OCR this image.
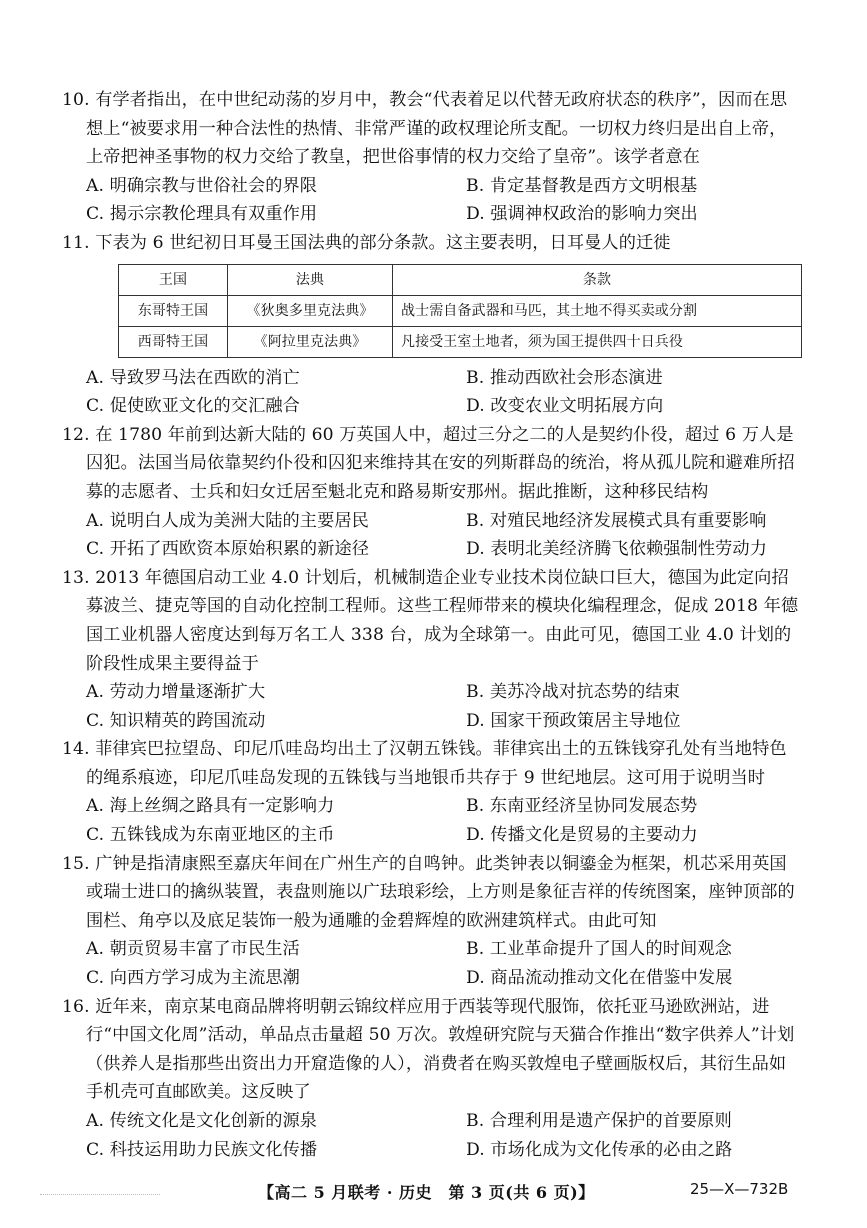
10. 有学者指出，在中世纪动荡的岁月中，教会“代表着足以代替无政府状态的秩序”，因而在思想上“被要求用一种合法性的热情、非常严谨的政权理论所支配。一切权力终归是出自上帝，上帝把神圣事物的权力交给了教皇，把世俗事情的权力交给了皇帝”。该学者意在
A. 明确宗教与世俗社会的界限	B. 肯定基督教是西方文明根基
C. 揭示宗教伦理具有双重作用	D. 强调神权政治的影响力突出
11. 下表为 6 世纪初日耳曼王国法典的部分条款。这主要表明，日耳曼人的迁徙
王国	法典	条款
东哥特王国	《狄奥多里克法典》	战士需自备武器和马匹，其土地不得买卖或分割
西哥特王国	《阿拉里克法典》	凡接受王室土地者，须为国王提供四十日兵役
A. 导致罗马法在西欧的消亡	B. 推动西欧社会形态演进
C. 促使欧亚文化的交汇融合	D. 改变农业文明拓展方向
12. 在 1780 年前到达新大陆的 60 万英国人中，超过三分之二的人是契约仆役，超过 6 万人是囚犯。法国当局依靠契约仆役和囚犯来维持其在安的列斯群岛的统治，将从孤儿院和避难所招募的志愿者、士兵和妇女迁居至魁北克和路易斯安那州。据此推断，这种移民结构
A. 说明白人成为美洲大陆的主要居民	B. 对殖民地经济发展模式具有重要影响
C. 开拓了西欧资本原始积累的新途径	D. 表明北美经济腾飞依赖强制性劳动力
13. 2013 年德国启动工业 4.0 计划后，机械制造企业专业技术岗位缺口巨大，德国为此定向招募波兰、捷克等国的自动化控制工程师。这些工程师带来的模块化编程理念，促成 2018 年德国工业机器人密度达到每万名工人 338 台，成为全球第一。由此可见，德国工业 4.0 计划的阶段性成果主要得益于
A. 劳动力增量逐渐扩大	B. 美苏冷战对抗态势的结束
C. 知识精英的跨国流动	D. 国家干预政策居主导地位
14. 菲律宾巴拉望岛、印尼爪哇岛均出土了汉朝五铢钱。菲律宾出土的五铢钱穿孔处有当地特色的绳系痕迹，印尼爪哇岛发现的五铢钱与当地银币共存于 9 世纪地层。这可用于说明当时
A. 海上丝绸之路具有一定影响力	B. 东南亚经济呈协同发展态势
C. 五铢钱成为东南亚地区的主币	D. 传播文化是贸易的主要动力
15. 广钟是指清康熙至嘉庆年间在广州生产的自鸣钟。此类钟表以铜鎏金为框架，机芯采用英国或瑞士进口的擒纵装置，表盘则施以广珐琅彩绘，上方则是象征吉祥的传统图案，座钟顶部的围栏、角亭以及底足装饰一般为通雕的金碧辉煌的欧洲建筑样式。由此可知
A. 朝贡贸易丰富了市民生活	B. 工业革命提升了国人的时间观念
C. 向西方学习成为主流思潮	D. 商品流动推动文化在借鉴中发展
16. 近年来，南京某电商品牌将明朝云锦纹样应用于西装等现代服饰，依托亚马逊欧洲站，进行“中国文化周”活动，单品点击量超 50 万次。敦煌研究院与天猫合作推出“数字供养人”计划（供养人是指那些出资出力开窟造像的人），消费者在购买敦煌电子壁画版权后，其衍生品如手机壳可直邮欧美。这反映了
A. 传统文化是文化创新的源泉	B. 合理利用是遗产保护的首要原则
C. 科技运用助力民族文化传播	D. 市场化成为文化传承的必由之路
【高二 5 月联考 · 历史　第 3 页(共 6 页)】	25—X—732B
